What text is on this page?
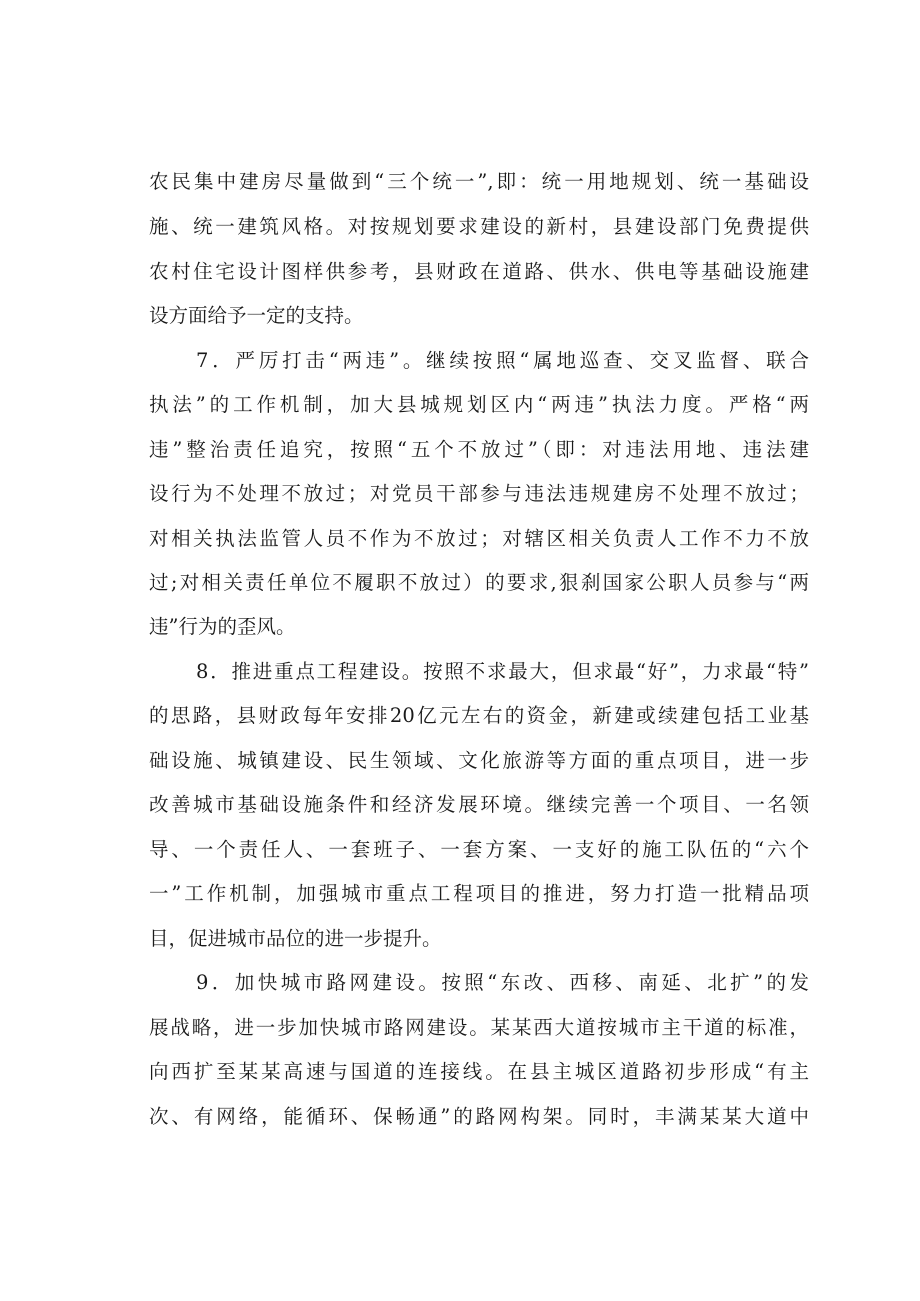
农民集中建房尽量做到“三个统一”,即：统一用地规划、统一基础设
施、统一建筑风格。对按规划要求建设的新村，县建设部门免费提供
农村住宅设计图样供参考，县财政在道路、供水、供电等基础设施建
设方面给予一定的支持。
7．严厉打击“两违”。继续按照“属地巡查、交叉监督、联合
执法”的工作机制，加大县城规划区内“两违”执法力度。严格“两
违”整治责任追究，按照“五个不放过”（即：对违法用地、违法建
设行为不处理不放过；对党员干部参与违法违规建房不处理不放过；
对相关执法监管人员不作为不放过；对辖区相关负责人工作不力不放
过;对相关责任单位不履职不放过）的要求,狠刹国家公职人员参与“两
违”行为的歪风。
8．推进重点工程建设。按照不求最大，但求最“好”，力求最“特”
的思路，县财政每年安排20亿元左右的资金，新建或续建包括工业基
础设施、城镇建设、民生领域、文化旅游等方面的重点项目，进一步
改善城市基础设施条件和经济发展环境。继续完善一个项目、一名领
导、一个责任人、一套班子、一套方案、一支好的施工队伍的“六个
一”工作机制，加强城市重点工程项目的推进，努力打造一批精品项
目，促进城市品位的进一步提升。
9．加快城市路网建设。按照“东改、西移、南延、北扩”的发
展战略，进一步加快城市路网建设。某某西大道按城市主干道的标准，
向西扩至某某高速与国道的连接线。在县主城区道路初步形成“有主
次、有网络，能循环、保畅通”的路网构架。同时，丰满某某大道中
